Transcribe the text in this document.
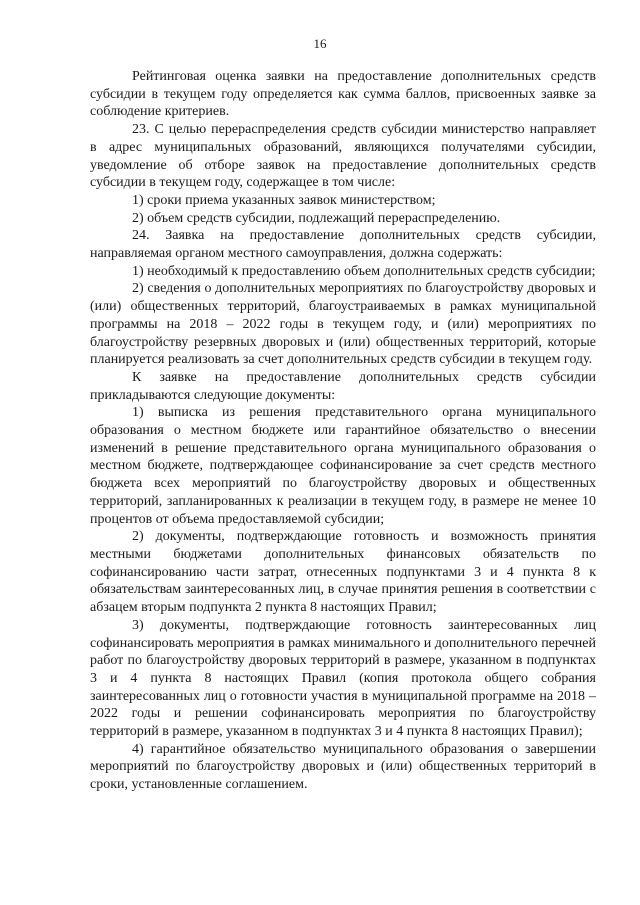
16

Рейтинговая оценка заявки на предоставление дополнительных средств субсидии в текущем году определяется как сумма баллов, присвоенных заявке за соблюдение критериев.

23. С целью перераспределения средств субсидии министерство направляет в адрес муниципальных образований, являющихся получателями субсидии, уведомление об отборе заявок на предоставление дополнительных средств субсидии в текущем году, содержащее в том числе:

1) сроки приема указанных заявок министерством;

2) объем средств субсидии, подлежащий перераспределению.

24. Заявка на предоставление дополнительных средств субсидии, направляемая органом местного самоуправления, должна содержать:

1) необходимый к предоставлению объем дополнительных средств субсидии;

2) сведения о дополнительных мероприятиях по благоустройству дворовых и (или) общественных территорий, благоустраиваемых в рамках муниципальной программы на 2018 – 2022 годы в текущем году, и (или) мероприятиях по благоустройству резервных дворовых и (или) общественных территорий, которые планируется реализовать за счет дополнительных средств субсидии в текущем году.

К заявке на предоставление дополнительных средств субсидии прикладываются следующие документы:

1) выписка из решения представительного органа муниципального образования о местном бюджете или гарантийное обязательство о внесении изменений в решение представительного органа муниципального образования о местном бюджете, подтверждающее софинансирование за счет средств местного бюджета всех мероприятий по благоустройству дворовых и общественных территорий, запланированных к реализации в текущем году, в размере не менее 10 процентов от объема предоставляемой субсидии;

2) документы, подтверждающие готовность и возможность принятия местными бюджетами дополнительных финансовых обязательств по софинансированию части затрат, отнесенных подпунктами 3 и 4 пункта 8 к обязательствам заинтересованных лиц, в случае принятия решения в соответствии с абзацем вторым подпункта 2 пункта 8 настоящих Правил;

3) документы, подтверждающие готовность заинтересованных лиц софинансировать мероприятия в рамках минимального и дополнительного перечней работ по благоустройству дворовых территорий в размере, указанном в подпунктах 3 и 4 пункта 8 настоящих Правил (копия протокола общего собрания заинтересованных лиц о готовности участия в муниципальной программе на 2018 – 2022 годы и решении софинансировать мероприятия по благоустройству территорий в размере, указанном в подпунктах 3 и 4 пункта 8 настоящих Правил);

4) гарантийное обязательство муниципального образования о завершении мероприятий по благоустройству дворовых и (или) общественных территорий в сроки, установленные соглашением.
